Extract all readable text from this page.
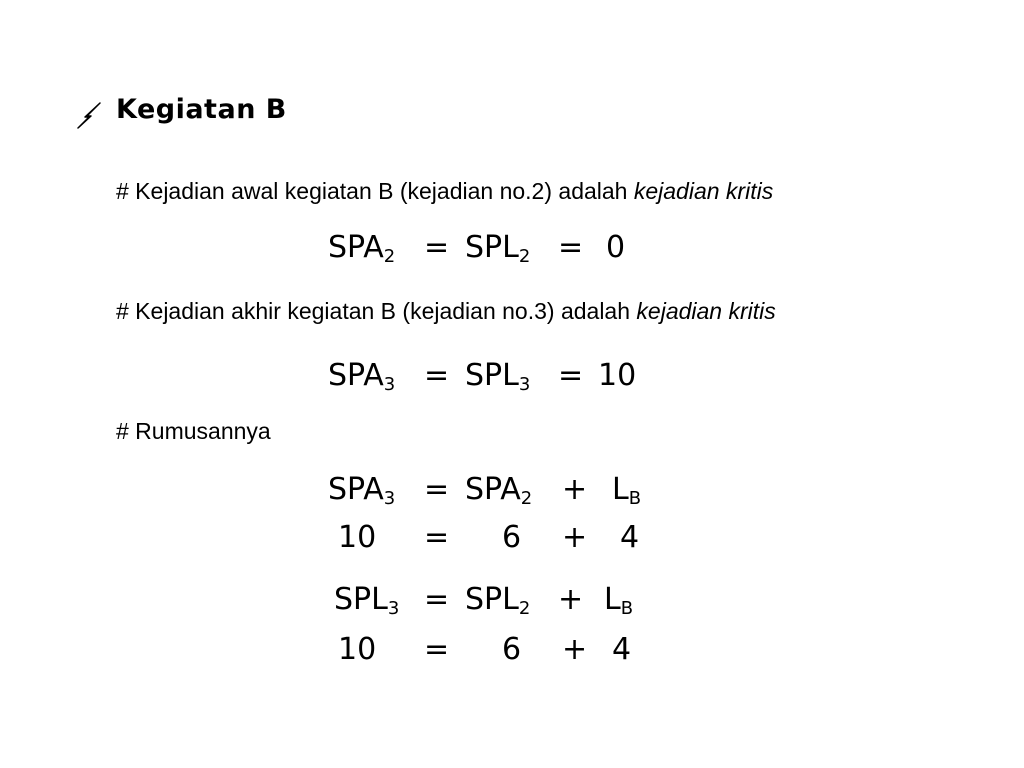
Kegiatan B
# Kejadian awal kegiatan B (kejadian no.2) adalah kejadian kritis
$SPA_2 = SPL_2 = 0$
# Kejadian akhir kegiatan B (kejadian no.3) adalah kejadian kritis
$SPA_3 = SPL_3 = 10$
# Rumusannya
$SPA_3 = SPA_2 + L_B$
10 = 6 + 4
$SPL_3 = SPL_2 + L_B$
10 = 6 + 4
